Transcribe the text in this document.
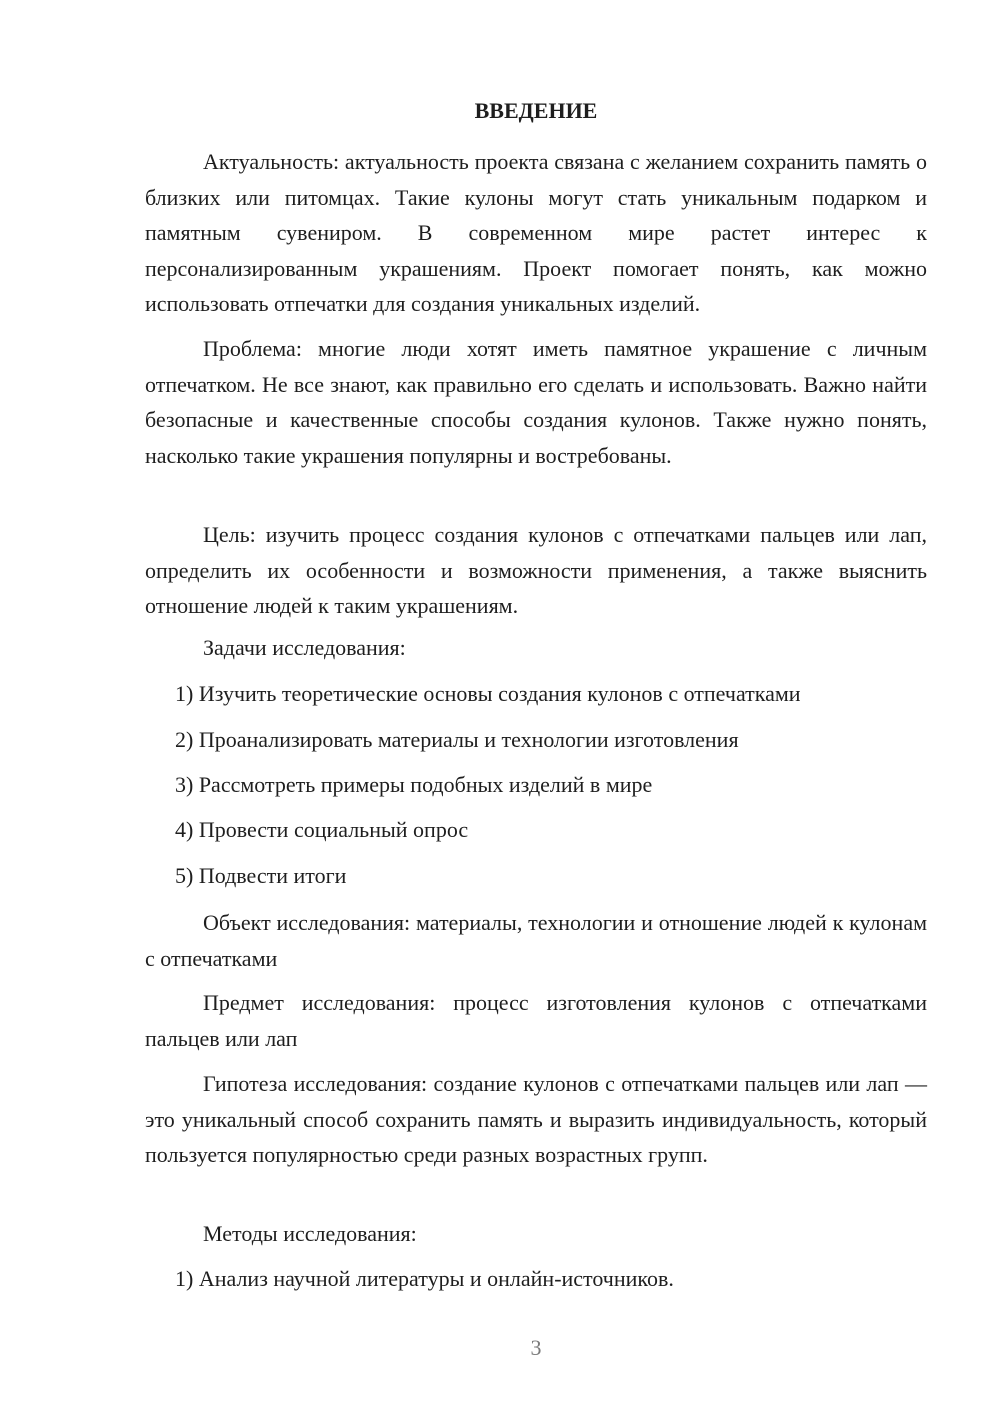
ВВЕДЕНИЕ

Актуальность: актуальность проекта связана с желанием сохранить память о близких или питомцах. Такие кулоны могут стать уникальным подарком и памятным сувениром. В современном мире растет интерес к персонализированным украшениям. Проект помогает понять, как можно использовать отпечатки для создания уникальных изделий.

Проблема: многие люди хотят иметь памятное украшение с личным отпечатком. Не все знают, как правильно его сделать и использовать. Важно найти безопасные и качественные способы создания кулонов. Также нужно понять, насколько такие украшения популярны и востребованы.

Цель: изучить процесс создания кулонов с отпечатками пальцев или лап, определить их особенности и возможности применения, а также выяснить отношение людей к таким украшениям.

Задачи исследования:
1) Изучить теоретические основы создания кулонов с отпечатками
2) Проанализировать материалы и технологии изготовления
3) Рассмотреть примеры подобных изделий в мире
4) Провести социальный опрос
5) Подвести итоги

Объект исследования: материалы, технологии и отношение людей к кулонам с отпечатками

Предмет исследования: процесс изготовления кулонов с отпечатками пальцев или лап

Гипотеза исследования: создание кулонов с отпечатками пальцев или лап — это уникальный способ сохранить память и выразить индивидуальность, который пользуется популярностью среди разных возрастных групп.

Методы исследования:
1) Анализ научной литературы и онлайн-источников.
3
